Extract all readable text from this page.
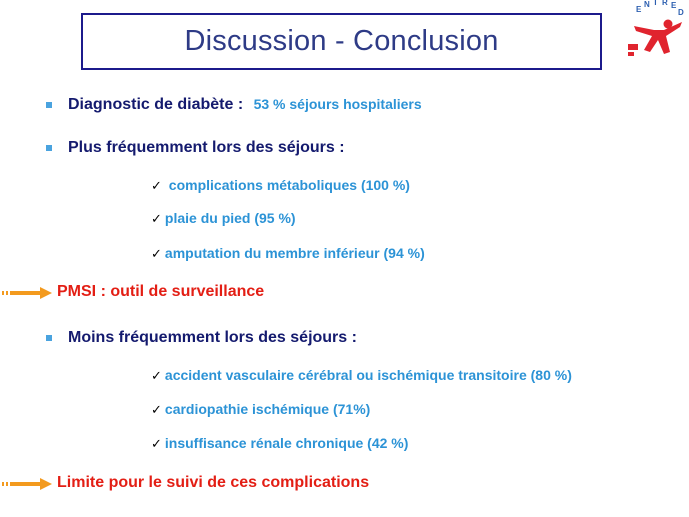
Discussion - Conclusion
E
N T R E
D
Diagnostic de diabète : 53 % séjours hospitaliers
Plus fréquemment lors des séjours :
✓ complications métaboliques (100 %)
✓ plaie du pied (95 %)
✓ amputation du membre inférieur (94 %)
PMSI : outil de surveillance
Moins fréquemment lors des séjours :
✓ accident vasculaire cérébral ou ischémique transitoire (80 %)
✓ cardiopathie ischémique (71%)
✓ insuffisance rénale chronique (42 %)
Limite pour le suivi de ces complications
